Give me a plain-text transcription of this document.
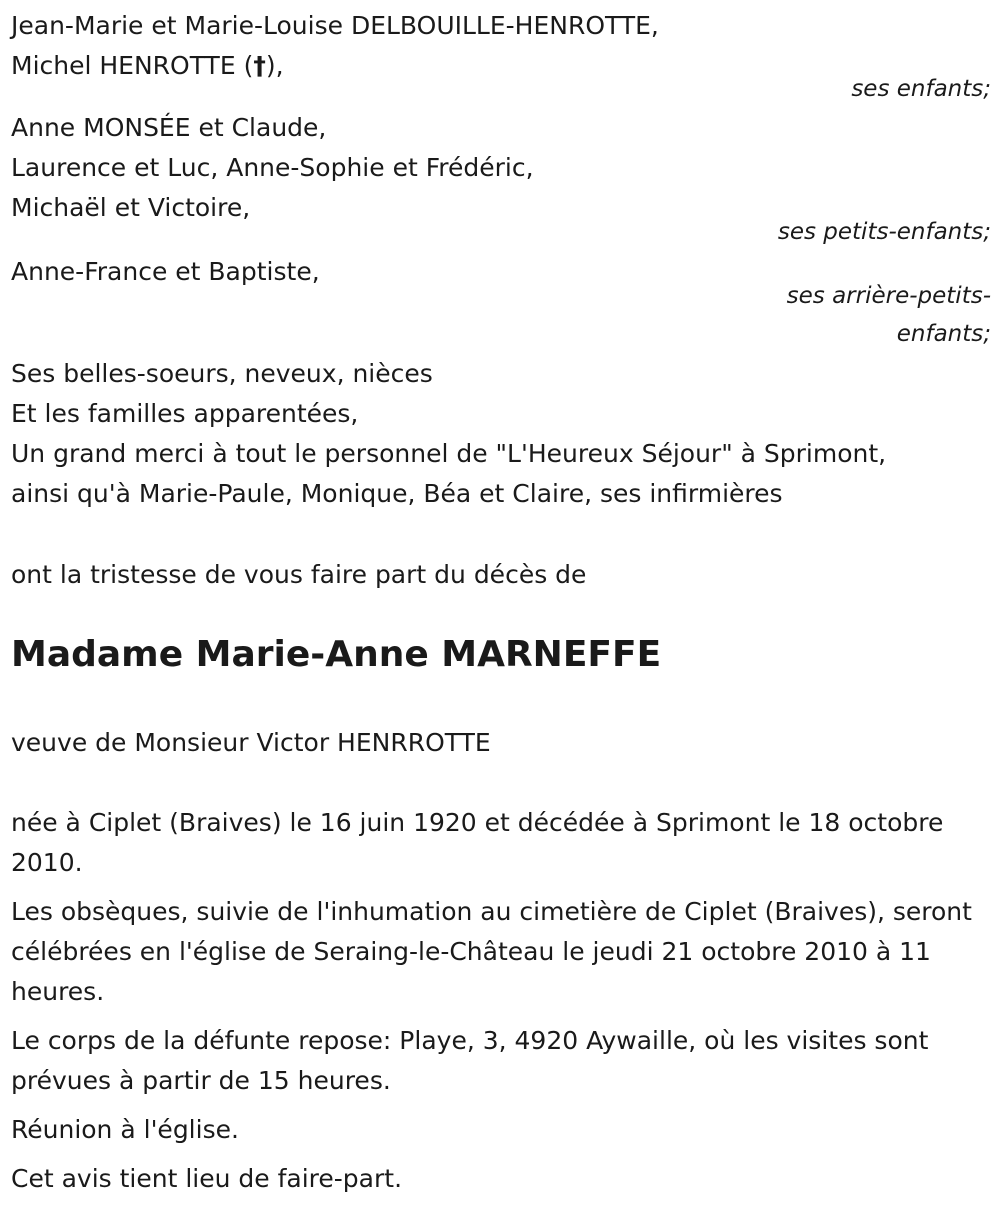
Jean-Marie et Marie-Louise DELBOUILLE-HENROTTE,

Michel HENROTTE (†),

ses enfants;

Anne MONSÉE et Claude,

Laurence et Luc, Anne-Sophie et Frédéric,

Michaël et Victoire,

ses petits-enfants;

Anne-France et Baptiste,

ses arrière-petits-

enfants;

Ses belles-soeurs, neveux, nièces

Et les familles apparentées,

Un grand merci à tout le personnel de "L'Heureux Séjour" à Sprimont,

ainsi qu'à Marie-Paule, Monique, Béa et Claire, ses infirmières

ont la tristesse de vous faire part du décès de

Madame Marie-Anne MARNEFFE

veuve de Monsieur Victor HENRROTTE

née à Ciplet (Braives) le 16 juin 1920 et décédée à Sprimont le 18 octobre 2010.

Les obsèques, suivie de l'inhumation au cimetière de Ciplet (Braives), seront célébrées en l'église de Seraing-le-Château le jeudi 21 octobre 2010 à 11 heures.

Le corps de la défunte repose: Playe, 3, 4920 Aywaille, où les visites sont prévues à partir de 15 heures.

Réunion à l'église.

Cet avis tient lieu de faire-part.
